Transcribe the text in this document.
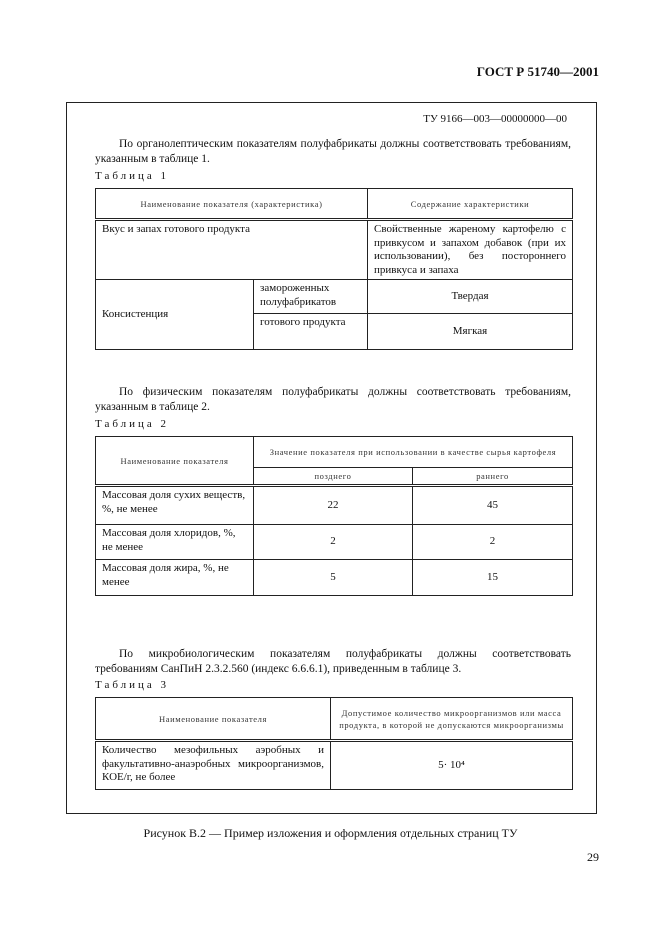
ГОСТ Р 51740—2001
ТУ 9166—003—00000000—00
По органолептическим показателям полуфабрикаты должны соответствовать требованиям, указанным в таблице 1.
Таблица 1
Наименование показателя (характеристика)		Содержание характеристики
Вкус и запах готового продукта		Свойственные жареному картофелю с привкусом и запахом добавок (при их использовании), без постороннего привкуса и запаха
Консистенция	замороженных полуфабрикатов	Твердая
	готового продукта	Мягкая
По физическим показателям полуфабрикаты должны соответствовать требованиям, указанным в таблице 2.
Таблица 2
Наименование показателя	Значение показателя при использовании в качестве сырья картофеля	
	позднего	раннего
Массовая доля сухих веществ, %, не менее	22	45
Массовая доля хлоридов, %, не менее	2	2
Массовая доля жира, %, не менее	5	15
По микробиологическим показателям полуфабрикаты должны соответствовать требованиям СанПиН 2.3.2.560 (индекс 6.6.6.1), приведенным в таблице 3.
Таблица 3
Наименование показателя	Допустимое количество микроорганизмов или масса продукта, в которой не допускаются микроорганизмы
Количество мезофильных аэробных и факультативно-анаэробных микроорганизмов, КОЕ/г, не более	5· 10⁴
Рисунок В.2 — Пример изложения и оформления отдельных страниц ТУ
29
